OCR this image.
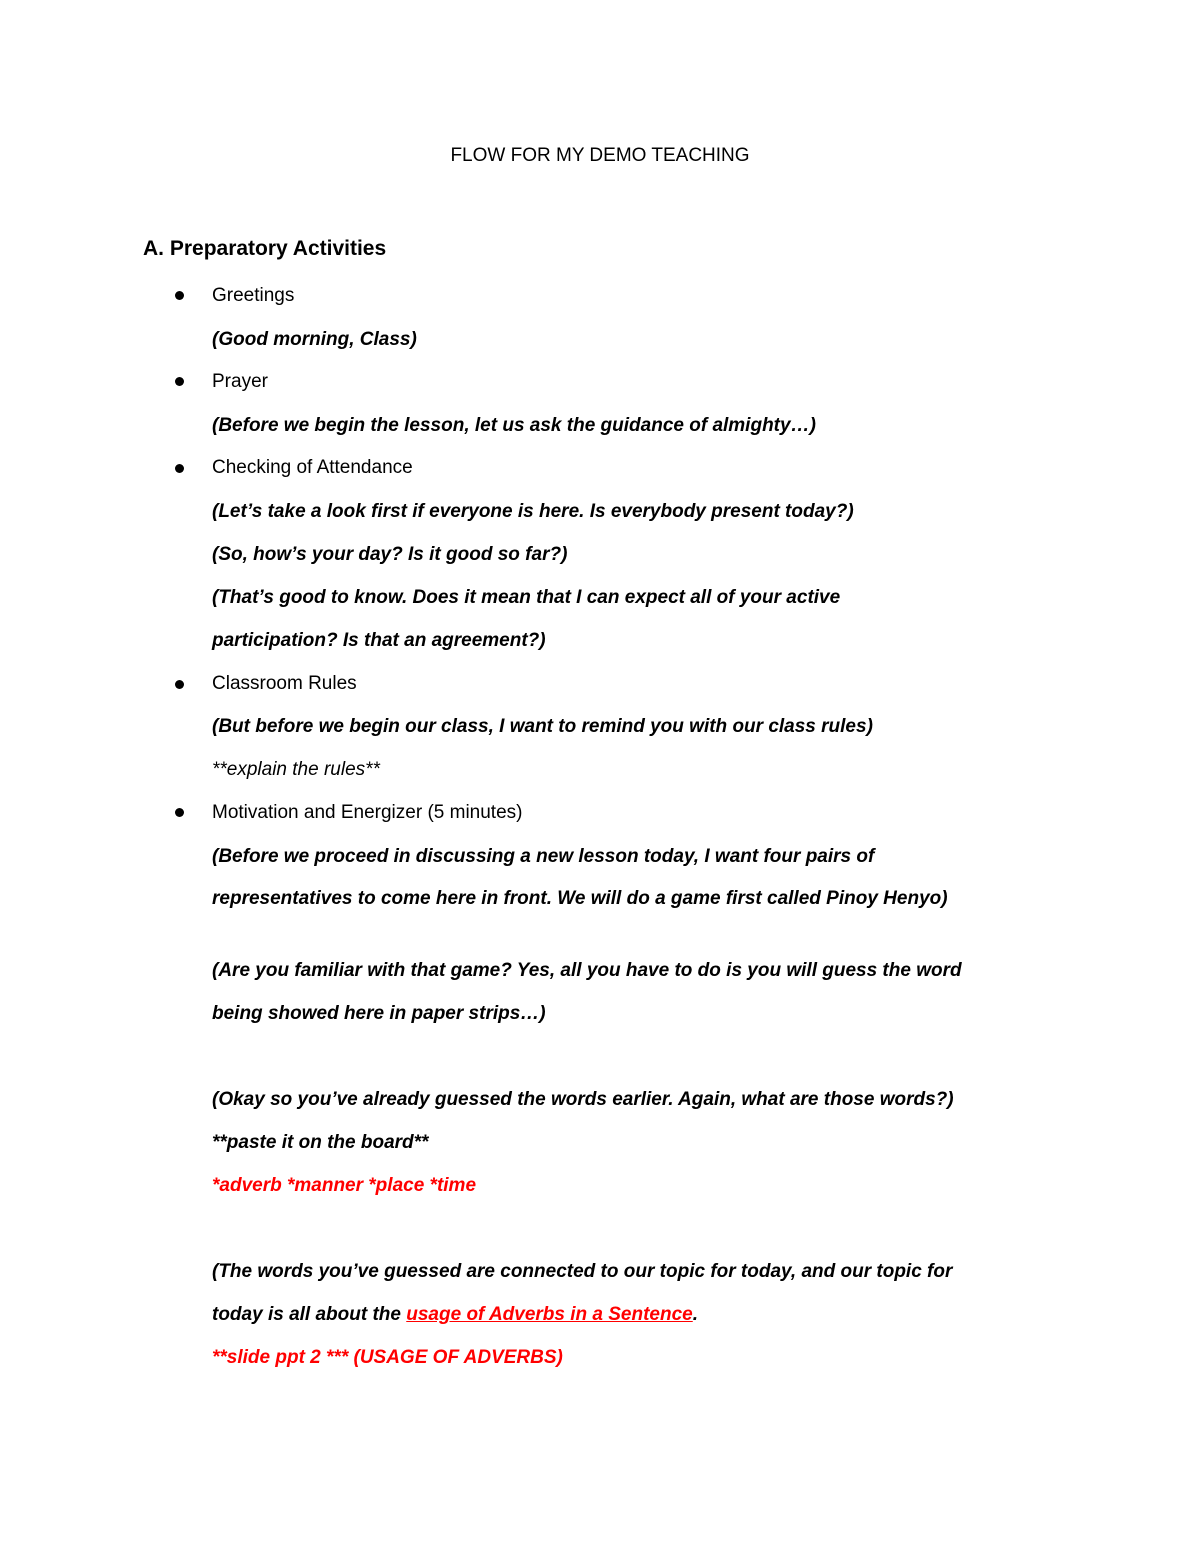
FLOW FOR MY DEMO TEACHING
A. Preparatory Activities
Greetings
(Good morning, Class)
Prayer
(Before we begin the lesson, let us ask the guidance of almighty…)
Checking of Attendance
(Let’s take a look first if everyone is here. Is everybody present today?)
(So, how’s your day? Is it good so far?)
(That’s good to know. Does it mean that I can expect all of your active
participation? Is that an agreement?)
Classroom Rules
(But before we begin our class, I want to remind you with our class rules)
**explain the rules**
Motivation and Energizer (5 minutes)
(Before we proceed in discussing a new lesson today, I want four pairs of
representatives to come here in front. We will do a game first called Pinoy Henyo)
(Are you familiar with that game? Yes, all you have to do is you will guess the word
being showed here in paper strips…)
(Okay so you’ve already guessed the words earlier. Again, what are those words?)
**paste it on the board**
*adverb *manner *place *time
(The words you’ve guessed are connected to our topic for today, and our topic for
today is all about the usage of Adverbs in a Sentence.
**slide ppt 2 *** (USAGE OF ADVERBS)
